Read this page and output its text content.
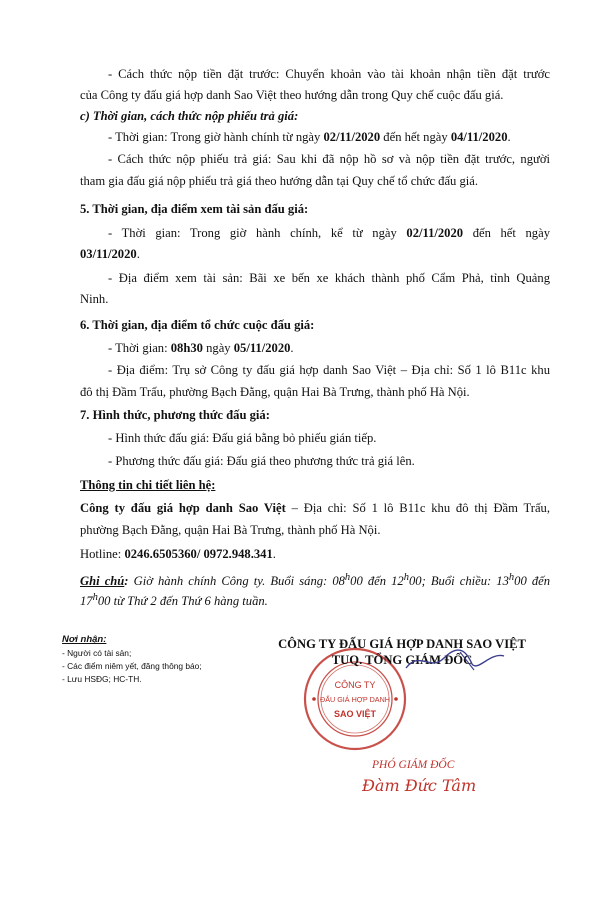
- Cách thức nộp tiền đặt trước: Chuyển khoản vào tài khoản nhận tiền đặt trước
của Công ty đấu giá hợp danh Sao Việt theo hướng dẫn trong Quy chế cuộc đấu giá.
c) Thời gian, cách thức nộp phiếu trả giá:
- Thời gian: Trong giờ hành chính từ ngày 02/11/2020 đến hết ngày 04/11/2020.
- Cách thức nộp phiếu trả giá: Sau khi đã nộp hồ sơ và nộp tiền đặt trước, người
tham gia đấu giá nộp phiếu trả giá theo hướng dẫn tại Quy chế tổ chức đấu giá.
5. Thời gian, địa điểm xem tài sản đấu giá:
- Thời gian: Trong giờ hành chính, kể từ ngày 02/11/2020 đến hết ngày
03/11/2020.
- Địa điểm xem tài sản: Bãi xe bến xe khách thành phố Cẩm Phả, tỉnh Quảng
Ninh.
6. Thời gian, địa điểm tổ chức cuộc đấu giá:
- Thời gian: 08h30 ngày 05/11/2020.
- Địa điểm: Trụ sở Công ty đấu giá hợp danh Sao Việt – Địa chỉ: Số 1 lô B11c khu
đô thị Đầm Trấu, phường Bạch Đằng, quận Hai Bà Trưng, thành phố Hà Nội.
7. Hình thức, phương thức đấu giá:
- Hình thức đấu giá: Đấu giá bằng bỏ phiếu gián tiếp.
- Phương thức đấu giá: Đấu giá theo phương thức trả giá lên.
Thông tin chi tiết liên hệ:
Công ty đấu giá hợp danh Sao Việt – Địa chỉ: Số 1 lô B11c khu đô thị Đầm Trấu,
phường Bạch Đằng, quận Hai Bà Trưng, thành phố Hà Nội.
Hotline: 0246.6505360/ 0972.948.341.
Ghi chú: Giờ hành chính Công ty. Buổi sáng: 08$^h$00 đến 12$^h$00; Buổi chiều: 13$^h$00 đến
17$^h$00 từ Thứ 2 đến Thứ 6 hàng tuần.
Nơi nhận:
- Người có tài sản;
- Các điểm niêm yết, đăng thông báo;
- Lưu HSĐG; HC-TH.
CÔNG TY
ĐẤU GIÁ HỢP DANH
SAO VIỆT
CÔNG TY ĐẤU GIÁ HỢP DANH SAO VIỆT
TUQ. TỔNG GIÁM ĐỐC
PHÓ GIÁM ĐỐC
Đàm Đức Tâm
